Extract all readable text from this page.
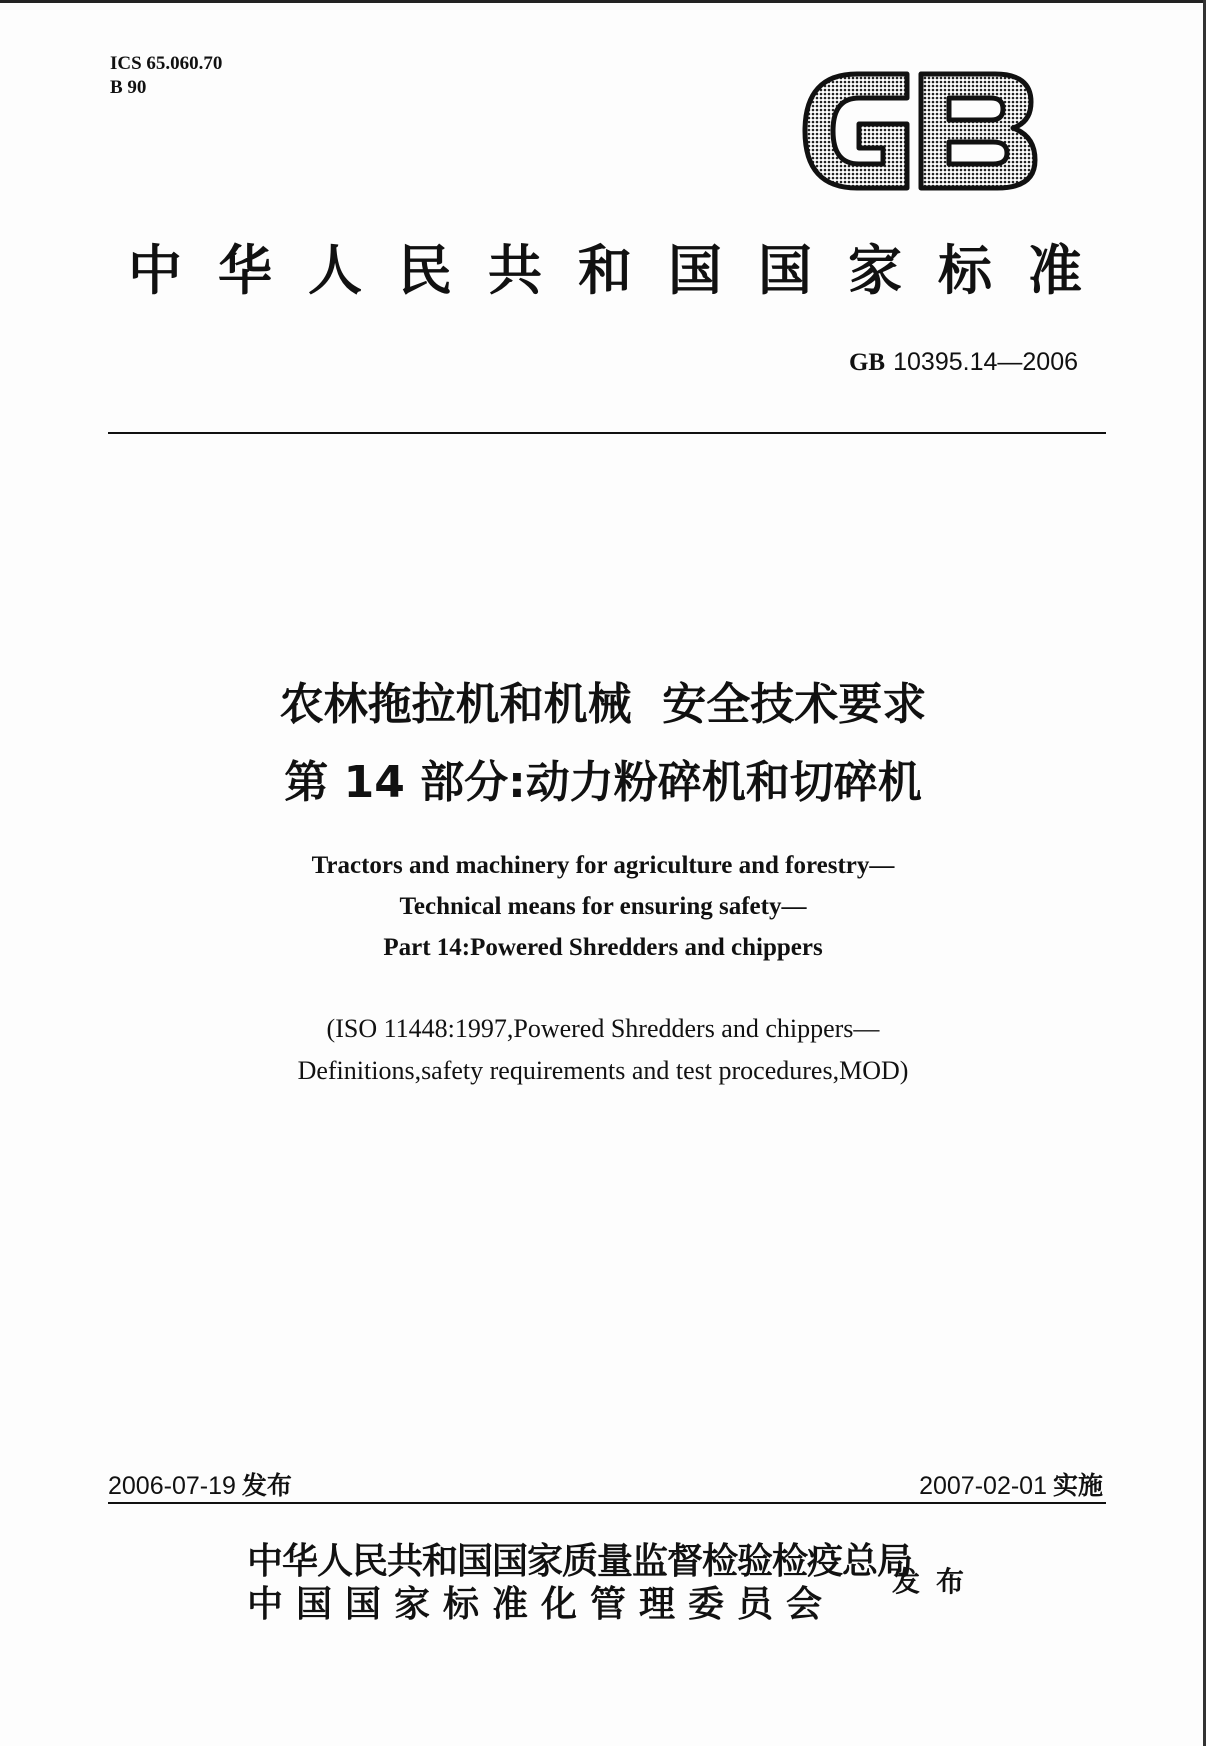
ICS 65.060.70
B 90
中华人民共和国国家标准
GB 10395.14—2006
农林拖拉机和机械  安全技术要求
第 14 部分:动力粉碎机和切碎机
Tractors and machinery for agriculture and forestry—
Technical means for ensuring safety—
Part 14:Powered Shredders and chippers
(ISO 11448:1997,Powered Shredders and chippers—
Definitions,safety requirements and test procedures,MOD)
2006-07-19 发布	2007-02-01 实施
中华人民共和国国家质量监督检验检疫总局
中国国家标准化管理委员会
发布
